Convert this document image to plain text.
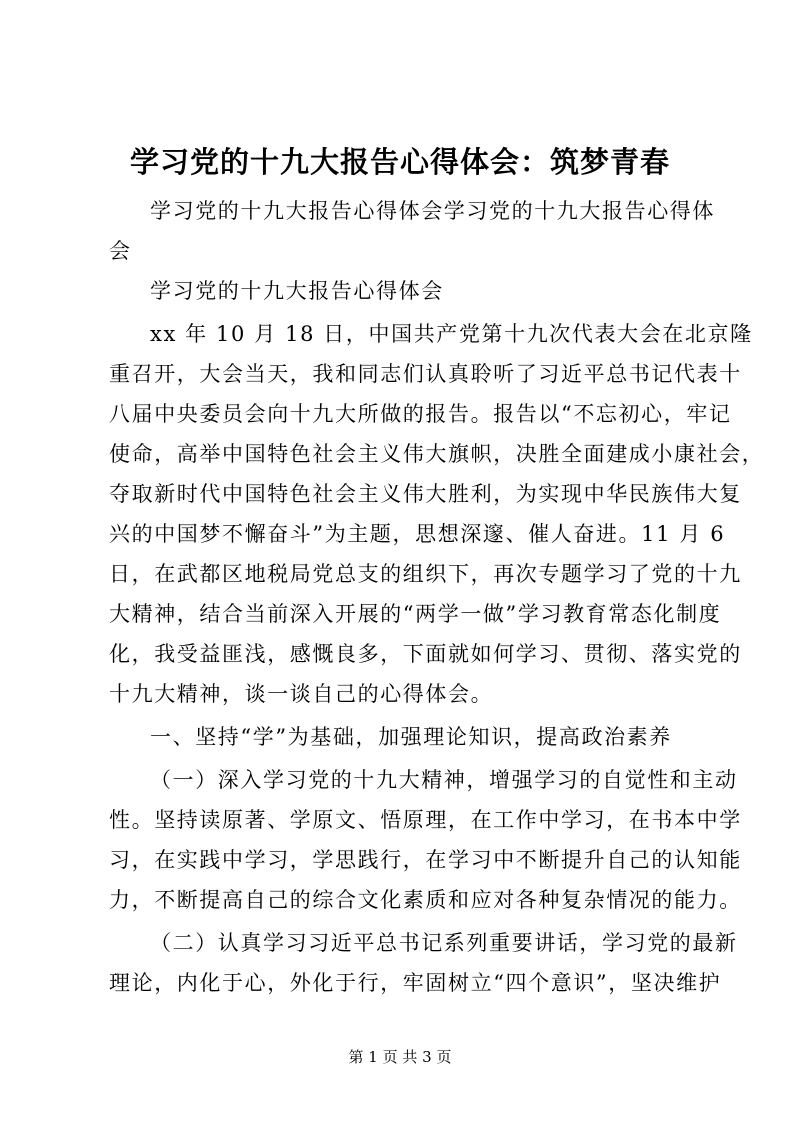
学习党的十九大报告心得体会：筑梦青春
学习党的十九大报告心得体会学习党的十九大报告心得体
会
学习党的十九大报告心得体会
xx 年 10 月 18 日，中国共产党第十九次代表大会在北京隆
重召开，大会当天，我和同志们认真聆听了习近平总书记代表十
八届中央委员会向十九大所做的报告。报告以“不忘初心，牢记
使命，高举中国特色社会主义伟大旗帜，决胜全面建成小康社会，
夺取新时代中国特色社会主义伟大胜利，为实现中华民族伟大复
兴的中国梦不懈奋斗”为主题，思想深邃、催人奋进。11 月 6
日，在武都区地税局党总支的组织下，再次专题学习了党的十九
大精神，结合当前深入开展的“两学一做”学习教育常态化制度
化，我受益匪浅，感慨良多，下面就如何学习、贯彻、落实党的
十九大精神，谈一谈自己的心得体会。
一、坚持“学”为基础，加强理论知识，提高政治素养
（一）深入学习党的十九大精神，增强学习的自觉性和主动
性。坚持读原著、学原文、悟原理，在工作中学习，在书本中学
习，在实践中学习，学思践行，在学习中不断提升自己的认知能
力，不断提高自己的综合文化素质和应对各种复杂情况的能力。
（二）认真学习习近平总书记系列重要讲话，学习党的最新
理论，内化于心，外化于行，牢固树立“四个意识”，坚决维护
第 1 页 共 3 页
